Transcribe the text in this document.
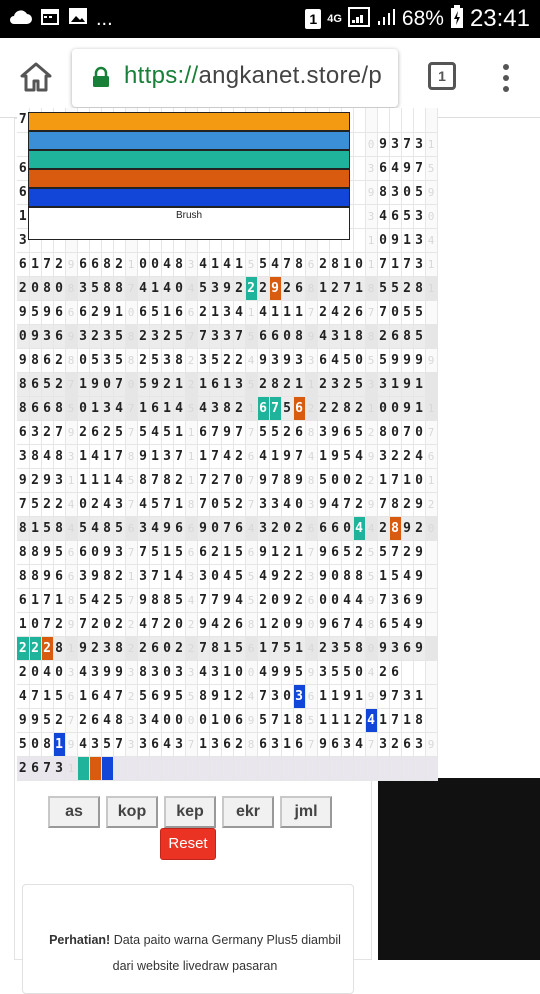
...	1 4G	68% 23:41
https://angkanet.store/p	1
7																																		
																													0	9	3	7	3	1
6																													3	6	4	9	7	5
6																													9	8	3	0	5	9
1																													3	4	6	5	3	0
3																													1	0	9	1	3	4
6	1	7	2	9	6	6	8	2	1	0	0	4	8	3	4	1	4	1	5	5	4	7	8	6	2	8	1	0	1	7	1	7	3	1
2	0	8	0	8	3	5	8	8	7	4	1	4	0	4	5	3	9	2	2	2	9	2	6	8	1	2	7	1	8	5	5	2	8	1
9	5	9	6	6	6	2	9	1	0	6	5	1	6	6	2	1	3	4	1	4	1	1	1	7	2	4	2	6	7	7	0	5	5	
0	9	3	6	9	3	2	3	5	8	2	3	2	5	7	7	3	3	7	5	6	6	0	8	9	4	3	1	8	8	2	6	8	5	
9	8	6	2	8	0	5	3	5	8	2	5	3	8	2	3	5	2	2	4	9	3	9	3	3	6	4	5	0	5	5	9	9	9	9
8	6	5	2	7	1	9	0	7	0	5	9	2	1	2	1	6	1	3	5	2	8	2	1	1	2	3	2	5	3	3	1	9	1	
8	6	6	8	5	0	1	3	4	7	1	6	1	4	5	4	3	8	2	1	6	7	5	6	2	2	2	8	2	1	0	0	9	1	1
6	3	2	7	9	2	6	2	5	7	5	4	5	1	1	6	7	9	7	7	5	5	2	6	8	3	9	6	5	2	8	0	7	0	7
3	8	4	8	3	1	4	1	7	8	9	1	3	7	1	1	7	4	2	6	4	1	9	7	4	1	9	5	4	9	3	2	2	4	6
9	2	9	3	1	1	1	1	4	5	8	7	8	2	1	7	2	7	0	7	9	7	8	9	8	5	0	0	2	2	1	7	1	0	1
7	5	2	2	4	0	2	4	3	7	4	5	7	1	8	7	0	5	2	7	3	3	4	0	3	9	4	7	2	9	7	8	2	9	2
8	1	5	8	4	5	4	8	5	6	3	4	9	6	6	9	0	7	6	4	3	2	0	2	6	6	6	0	4	4	2	8	9	2	0
8	8	9	5	6	6	0	9	3	7	7	5	1	5	6	6	2	1	5	6	9	1	2	1	7	9	6	5	2	5	5	7	2	9	
8	8	9	6	6	3	9	8	2	1	3	7	1	4	3	3	0	4	5	5	4	9	2	2	3	9	0	8	8	5	1	5	4	9	
6	1	7	1	8	5	4	2	5	7	9	8	8	5	4	7	7	9	4	5	2	0	9	2	6	0	0	4	4	9	7	3	6	9	
1	0	7	2	9	7	2	0	2	2	4	7	2	0	2	9	4	2	6	8	1	2	0	9	0	9	6	7	4	8	6	5	4	9	
2	2	2	8	1	9	2	3	8	2	2	6	0	2	2	7	8	1	5	6	1	7	5	1	4	2	3	5	8	0	9	3	6	9	
2	0	4	0	3	4	3	9	9	3	8	3	0	3	3	4	3	1	0	0	4	9	9	5	9	3	5	5	0	4	2	6			
4	7	1	5	6	1	6	4	7	2	5	6	9	5	5	8	9	1	2	4	7	3	0	3	6	1	1	9	1	9	9	7	3	1	
9	9	5	2	7	2	6	4	8	3	3	4	0	0	0	0	1	0	6	9	5	7	1	8	5	1	1	1	2	4	1	7	1	8	
5	0	8	1	9	4	3	5	7	3	3	6	4	3	7	1	3	6	2	8	6	3	1	6	7	9	6	3	4	7	3	2	6	3	9
2	6	7	3	1																														
Brush
as	kop	kep	ekr	jml
Reset

Perhatian! Data paito warna Germany Plus5 diambil dari website livedraw pasaran
